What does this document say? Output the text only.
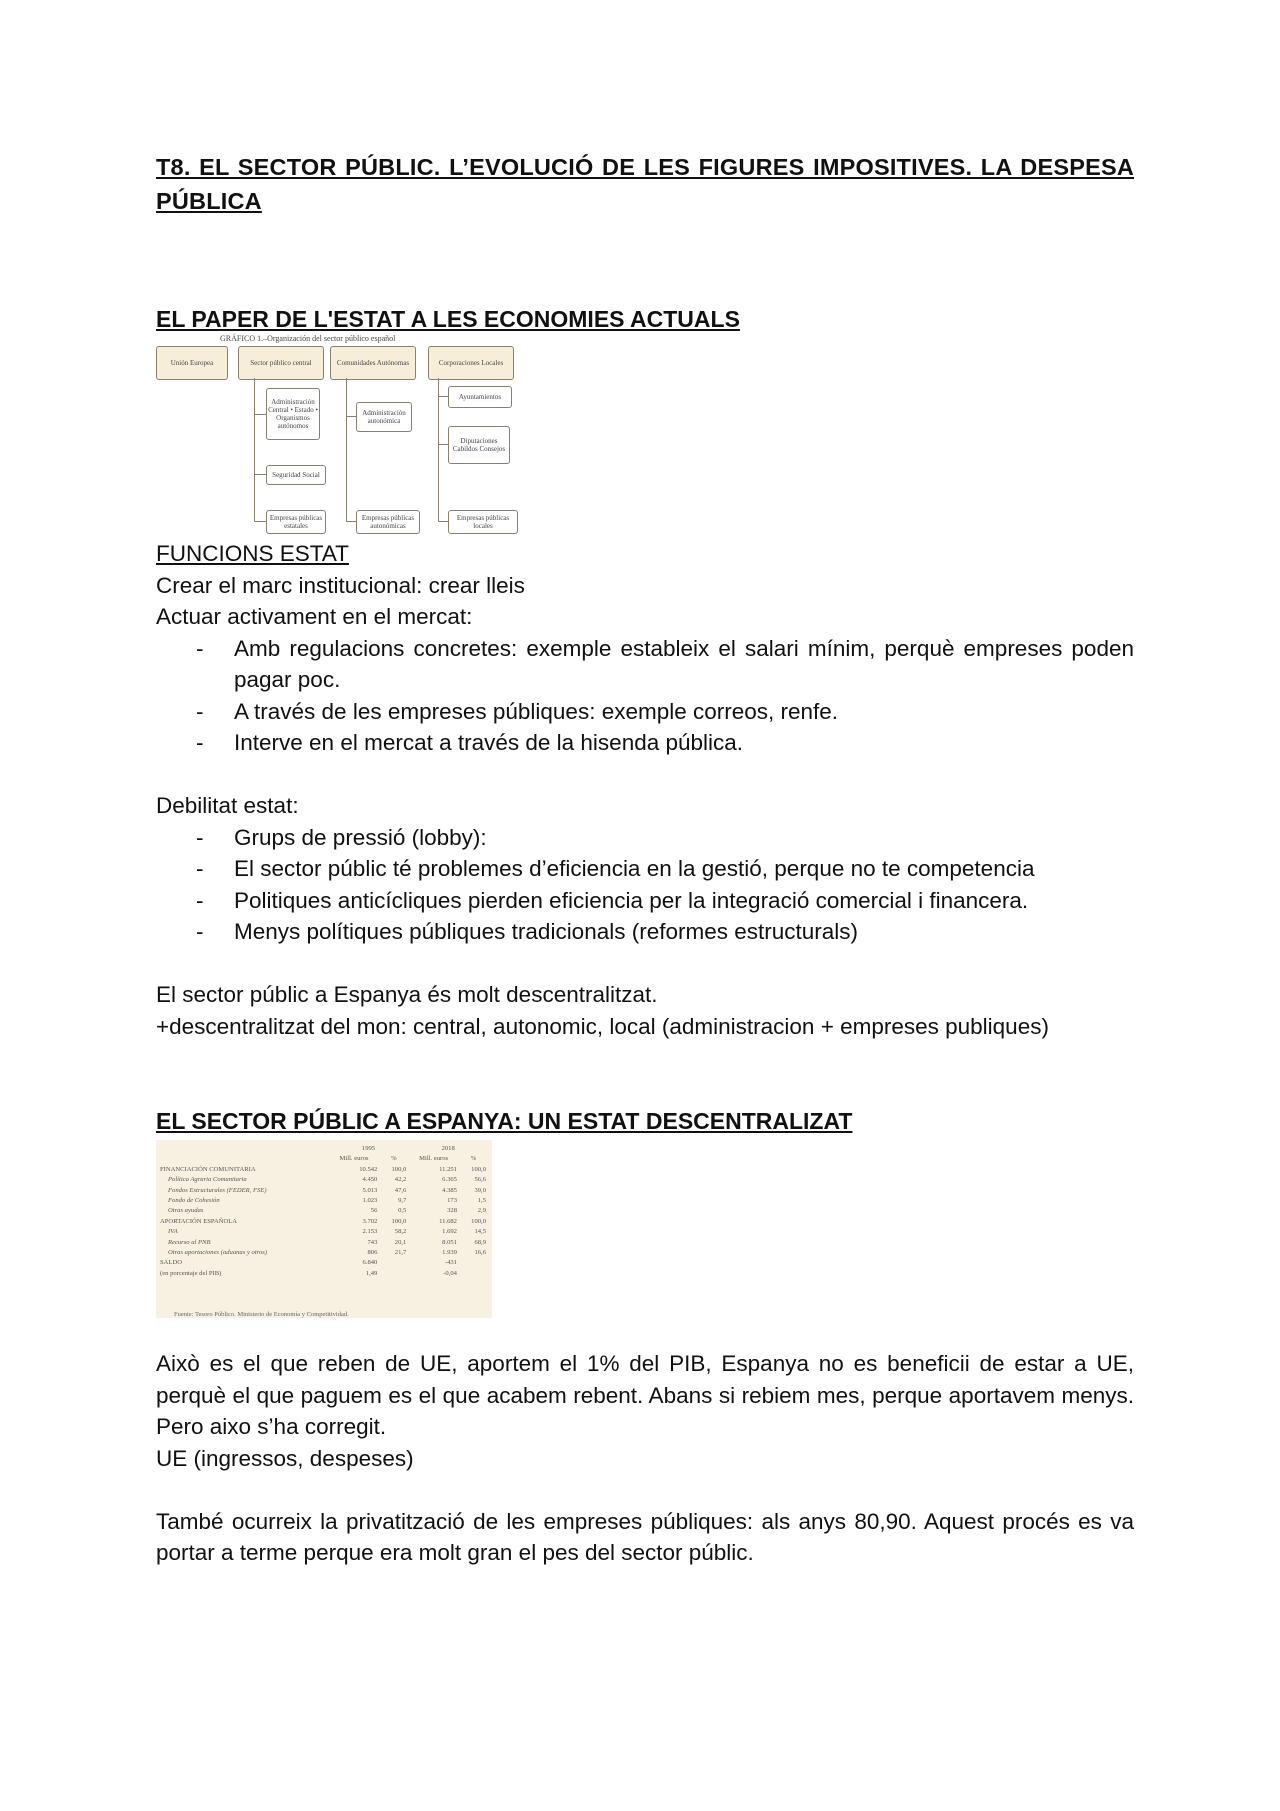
T8. EL SECTOR PÚBLIC. L’EVOLUCIÓ DE LES FIGURES IMPOSITIVES. LA DESPESA PÚBLICA

EL PAPER DE L'ESTAT A LES ECONOMIES ACTUALS

GRÁFICO 1.–Organización del sector público español
Unión Europea	Sector público central	Comunidades Autónomas	Corporaciones Locales
Administración Central • Estado • Organismos autónomos
Seguridad Social
Empresas públicas estatales
Administración autonómica
Empresas públicas autonómicas
Ayuntamientos
Diputaciones Cabildos Consejos
Empresas públicas locales

FUNCIONS ESTAT

Crear el marc institucional: crear lleis

Actuar activament en el mercat:

- Amb regulacions concretes: exemple estableix el salari mínim, perquè empreses poden pagar poc.
- A través de les empreses públiques: exemple correos, renfe.
- Interve en el mercat a través de la hisenda pública.

Debilitat estat:

- Grups de pressió (lobby):
- El sector públic té problemes d’eficiencia en la gestió, perque no te competencia
- Politiques anticícliques pierden eficiencia per la integració comercial i financera.
- Menys polítiques públiques tradicionals (reformes estructurals)

El sector públic a Espanya és molt descentralitzat.

+descentralitzat del mon: central, autonomic, local (administracion + empreses publiques)

EL SECTOR PÚBLIC A ESPANYA: UN ESTAT DESCENTRALIZAT

	1995		2018	
	Mill. euros	%	Mill. euros	%
FINANCIACIÓN COMUNITARIA	10.542	100,0	11.251	100,0
Política Agraria Comunitaria	4.450	42,2	6.365	56,6
Fondos Estructurales (FEDER, FSE)	5.013	47,6	4.385	39,0
Fondo de Cohesión	1.023	9,7	173	1,5
Otras ayudas	56	0,5	328	2,9
APORTACIÓN ESPAÑOLA	3.702	100,0	11.682	100,0
IVA	2.153	58,2	1.692	14,5
Recurso al PNB	743	20,1	8.051	68,9
Otras aportaciones (aduanas y otros)	806	21,7	1.939	16,6
SALDO	6.840		-431	
(en porcentaje del PIB)	1,49		-0,04	
Fuente: Tesoro Público. Ministerio de Economía y Competitividad.

Això es el que reben de UE, aportem el 1% del PIB, Espanya no es beneficii de estar a UE, perquè el que paguem es el que acabem rebent. Abans si rebiem mes, perque aportavem menys. Pero aixo s’ha corregit.

UE (ingressos, despeses)

També ocurreix la privatització de les empreses públiques: als anys 80,90. Aquest procés es va portar a terme perque era molt gran el pes del sector públic.
